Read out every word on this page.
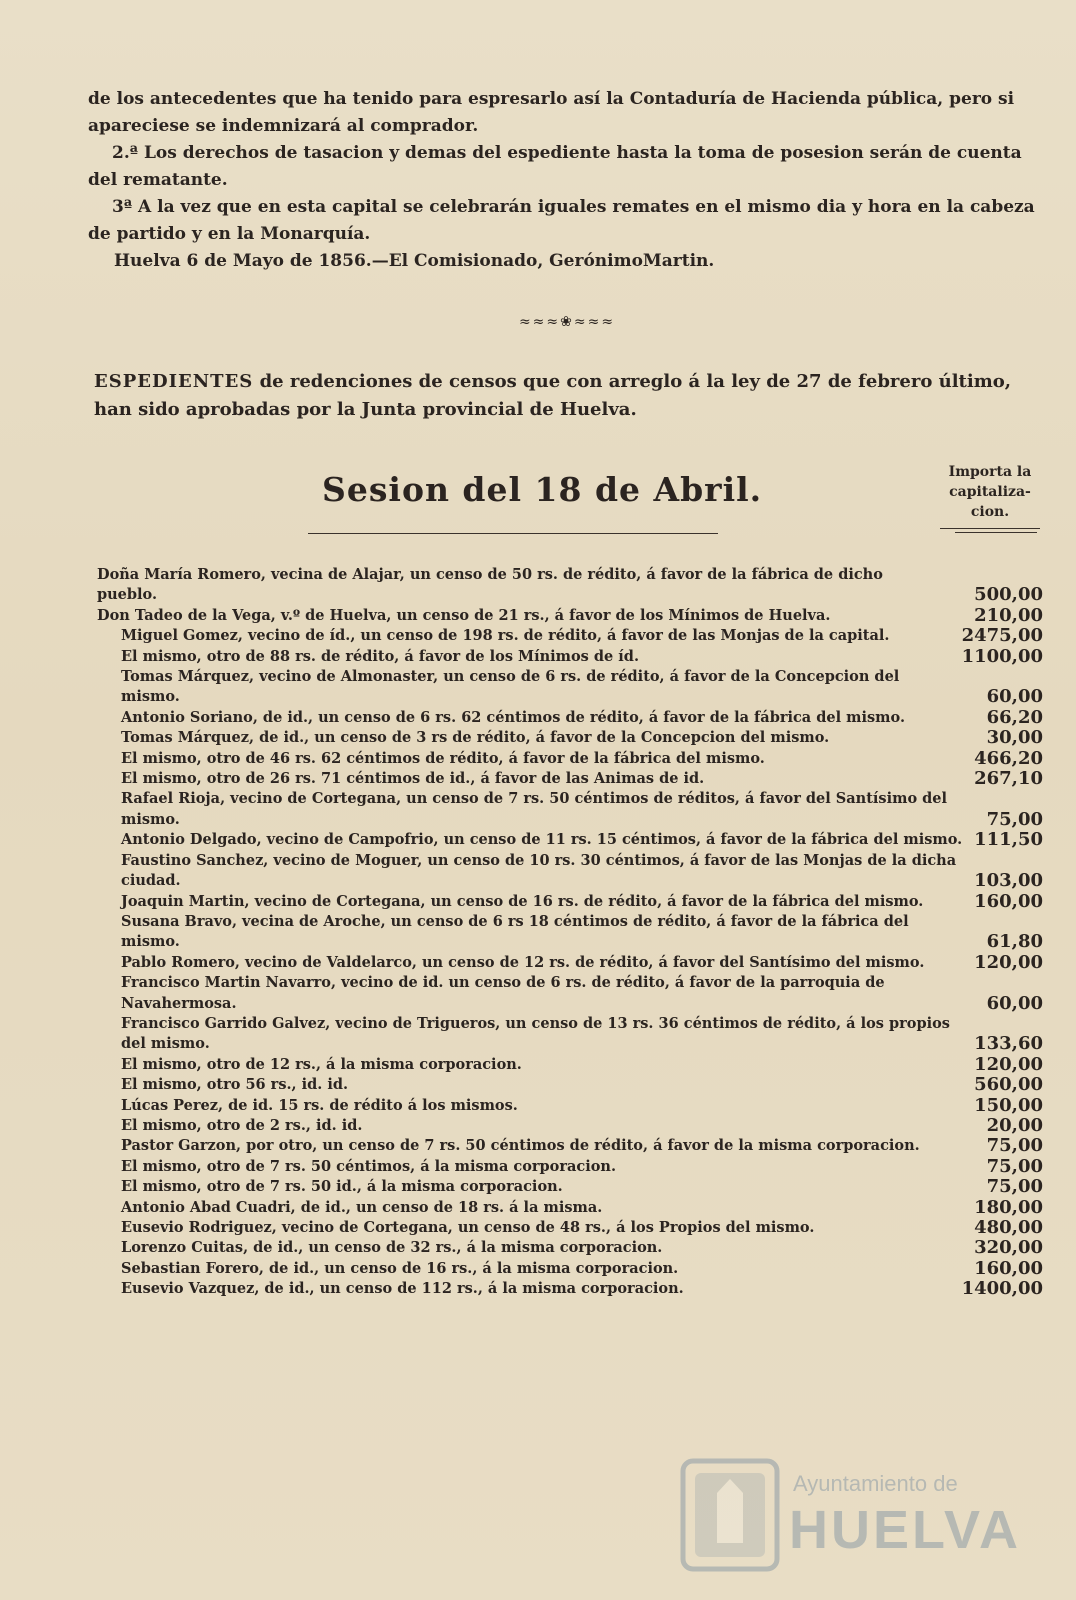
de los antecedentes que ha tenido para espresarlo así la Contaduría de Hacienda pública, pero si apareciese se indemnizará al comprador.

2.ª Los derechos de tasacion y demas del espediente hasta la toma de posesion serán de cuenta del rematante.

3ª A la vez que en esta capital se celebrarán iguales remates en el mismo dia y hora en la cabeza de partido y en la Monarquía.

Huelva 6 de Mayo de 1856.—El Comisionado, GerónimoMartin.

≈≈≈❀≈≈≈
ESPEDIENTES de redenciones de censos que con arreglo á la ley de 27 de febrero último, han sido aprobadas por la Junta provincial de Huelva.
Sesion del 18 de Abril.	Importa la capitaliza- cion.
Doña María Romero, vecina de Alajar, un censo de 50 rs. de rédito, á favor de la fábrica de dicho pueblo.	500,00
Don Tadeo de la Vega, v.º de Huelva, un censo de 21 rs., á favor de los Mínimos de Huelva.	210,00
Miguel Gomez, vecino de íd., un censo de 198 rs. de rédito, á favor de las Monjas de la capital.	2475,00
El mismo, otro de 88 rs. de rédito, á favor de los Mínimos de íd.	1100,00
Tomas Márquez, vecino de Almonaster, un censo de 6 rs. de rédito, á favor de la Concepcion del mismo.	60,00
Antonio Soriano, de id., un censo de 6 rs. 62 céntimos de rédito, á favor de la fábrica del mismo.	66,20
Tomas Márquez, de id., un censo de 3 rs de rédito, á favor de la Concepcion del mismo.	30,00
El mismo, otro de 46 rs. 62 céntimos de rédito, á favor de la fábrica del mismo.	466,20
El mismo, otro de 26 rs. 71 céntimos de id., á favor de las Animas de id.	267,10
Rafael Rioja, vecino de Cortegana, un censo de 7 rs. 50 céntimos de réditos, á favor del Santísimo del mismo.	75,00
Antonio Delgado, vecino de Campofrio, un censo de 11 rs. 15 céntimos, á favor de la fábrica del mismo. 111,50
Faustino Sanchez, vecino de Moguer, un censo de 10 rs. 30 céntimos, á favor de las Monjas de la dicha ciudad.	103,00
Joaquin Martin, vecino de Cortegana, un censo de 16 rs. de rédito, á favor de la fábrica del mismo.	160,00
Susana Bravo, vecina de Aroche, un censo de 6 rs 18 céntimos de rédito, á favor de la fábrica del mismo.	61,80
Pablo Romero, vecino de Valdelarco, un censo de 12 rs. de rédito, á favor del Santísimo del mismo.	120,00
Francisco Martin Navarro, vecino de id. un censo de 6 rs. de rédito, á favor de la parroquia de Navahermosa.	60,00
Francisco Garrido Galvez, vecino de Trigueros, un censo de 13 rs. 36 céntimos de rédito, á los propios del mismo.	133,60
El mismo, otro de 12 rs., á la misma corporacion.	120,00
El mismo, otro 56 rs., id. id.	560,00
Lúcas Perez, de id. 15 rs. de rédito á los mismos.	150,00
El mismo, otro de 2 rs., id. id.	20,00
Pastor Garzon, por otro, un censo de 7 rs. 50 céntimos de rédito, á favor de la misma corporacion.	75,00
El mismo, otro de 7 rs. 50 céntimos, á la misma corporacion.	75,00
El mismo, otro de 7 rs. 50 id., á la misma corporacion.	75,00
Antonio Abad Cuadri, de id., un censo de 18 rs. á la misma.	180,00
Eusevio Rodriguez, vecino de Cortegana, un censo de 48 rs., á los Propios del mismo.	480,00
Lorenzo Cuitas, de id., un censo de 32 rs., á la misma corporacion.	320,00
Sebastian Forero, de id., un censo de 16 rs., á la misma corporacion.	160,00
Eusevio Vazquez, de id., un censo de 112 rs., á la misma corporacion.	1400,00
Ayuntamiento de
HUELVA
